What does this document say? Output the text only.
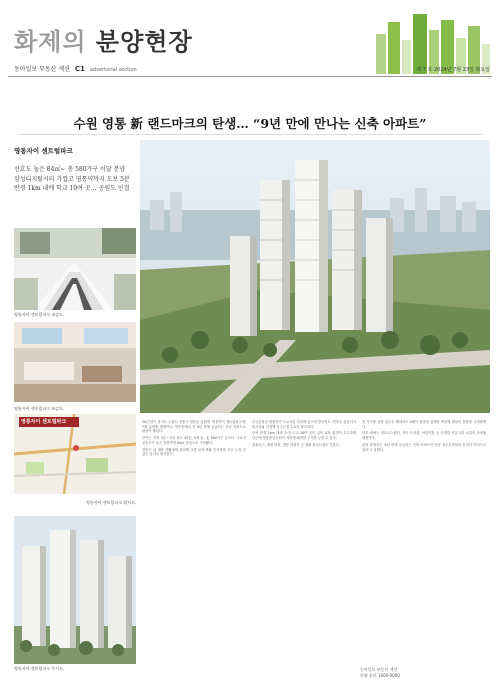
화제의 분양현장
동아일보 부동산 섹션 C1 advertorial section	제 7 호 2024년 7월 23일 화요일
수원 영통 新 랜드마크의 탄생… “9년 만에 만나는 신축 아파트”
영통자이 센트럴파크
선호도 높은 84㎡~ 총 580가구 이달 분양
삼성디지털시티 가깝고 영통역까지 도보 5분
반경 1km 내에 학교 10여 곳… 공원도 인접
영통자이 센트럴파크 조감도.
영통자이 센트럴파크 조감도.
영통자이 센트럴파크
영통자이 센트럴파크 위치도.
영통자이 센트럴파크 투시도.

GS건설이 경기도 수원시 영통구 영통동 일원에 '영통자이 센트럴파크'를 7월 분양할 예정이다. 영통동에서 약 9년 만에 공급되는 신규 아파트로 관심이 쏠린다.

단지는 지하 3층~지상 최고 29층, 5개 동, 총 580가구 규모다. 수요자 선호도가 높은 전용면적 84㎡ 중심으로 구성됐다.

영통구 내 대표 생활권에 위치해 교통·교육·생활 인프라를 모두 누릴 수 있는 입지로 평가된다.

수인분당선 영통역이 도보 5분 거리에 있으며 망포역도 가깝다. 삼성디지털시티와 인접해 직주근접 수요가 풍부하다.

단지 반경 1km 내에 초·중·고교 10여 곳이 있어 교육 환경이 우수하며 인근에 영통중앙공원이 자리해 쾌적한 주거를 누릴 수 있다.

홈플러스, 대형 병원, 영통 학원가 등 생활 편의시설도 가깝다.

전 가구를 남향 위주로 배치하고 4베이 판상형 설계를 적용해 채광과 통풍을 극대화했다.

단지 내에는 피트니스센터, 작은 도서관, 어린이집 등 다양한 커뮤니티 시설이 조성될 예정이다.

분양 관계자는 '9년 만에 공급되는 신축 아파트인 만큼 실수요자들의 문의가 이어지고 있다'고 말했다.

동아일보 부동산 섹션
분양 문의 1600-0000
